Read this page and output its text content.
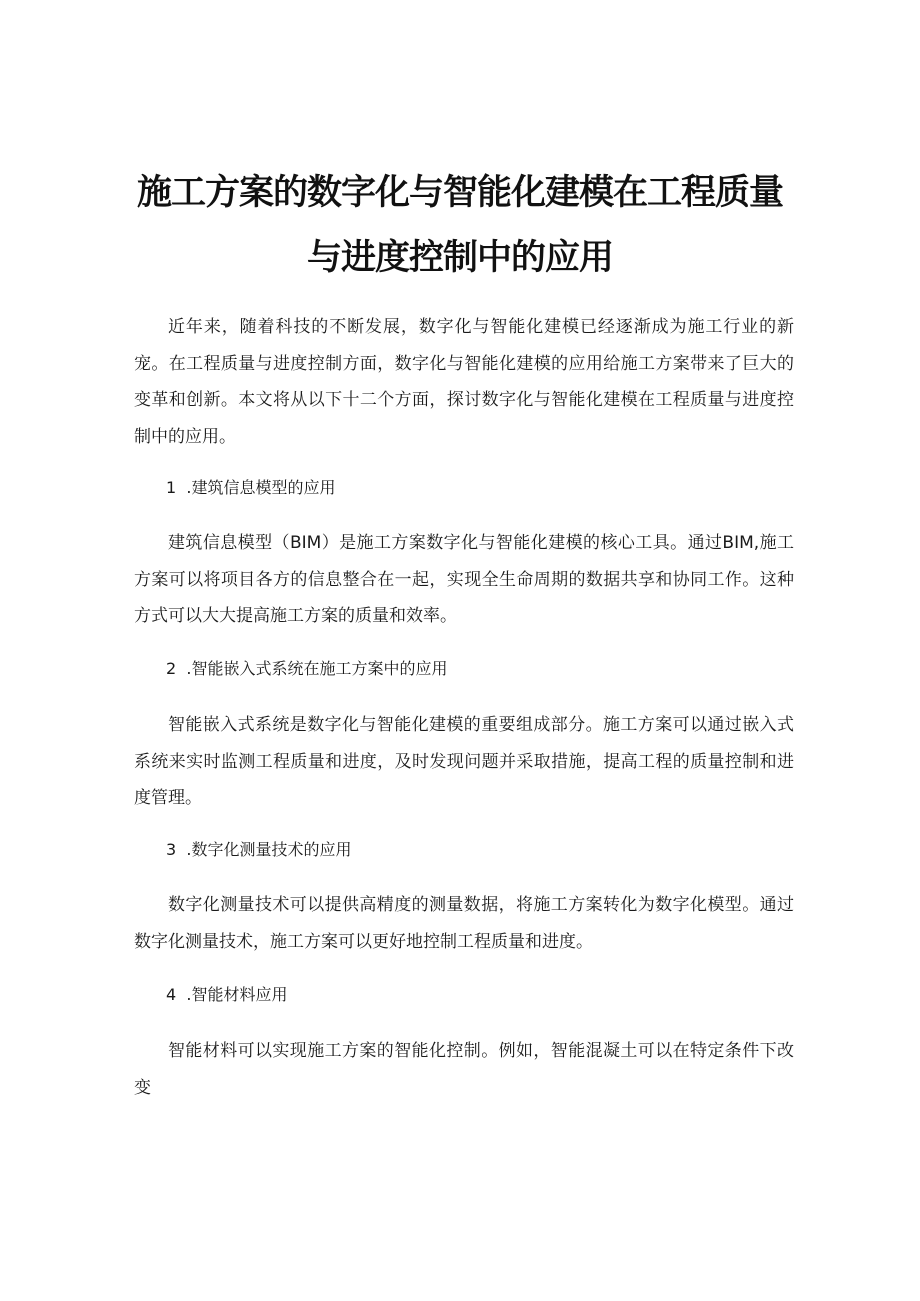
施工方案的数字化与智能化建模在工程质量
与进度控制中的应用

近年来，随着科技的不断发展，数字化与智能化建模已经逐渐成为施工行业的新宠。在工程质量与进度控制方面，数字化与智能化建模的应用给施工方案带来了巨大的变革和创新。本文将从以下十二个方面，探讨数字化与智能化建模在工程质量与进度控制中的应用。

1  .建筑信息模型的应用

建筑信息模型（BIM）是施工方案数字化与智能化建模的核心工具。通过BIM,施工方案可以将项目各方的信息整合在一起，实现全生命周期的数据共享和协同工作。这种方式可以大大提高施工方案的质量和效率。

2  .智能嵌入式系统在施工方案中的应用

智能嵌入式系统是数字化与智能化建模的重要组成部分。施工方案可以通过嵌入式系统来实时监测工程质量和进度，及时发现问题并采取措施，提高工程的质量控制和进度管理。

3  .数字化测量技术的应用

数字化测量技术可以提供高精度的测量数据，将施工方案转化为数字化模型。通过数字化测量技术，施工方案可以更好地控制工程质量和进度。

4  .智能材料应用

智能材料可以实现施工方案的智能化控制。例如，智能混凝土可以在特定条件下改变
